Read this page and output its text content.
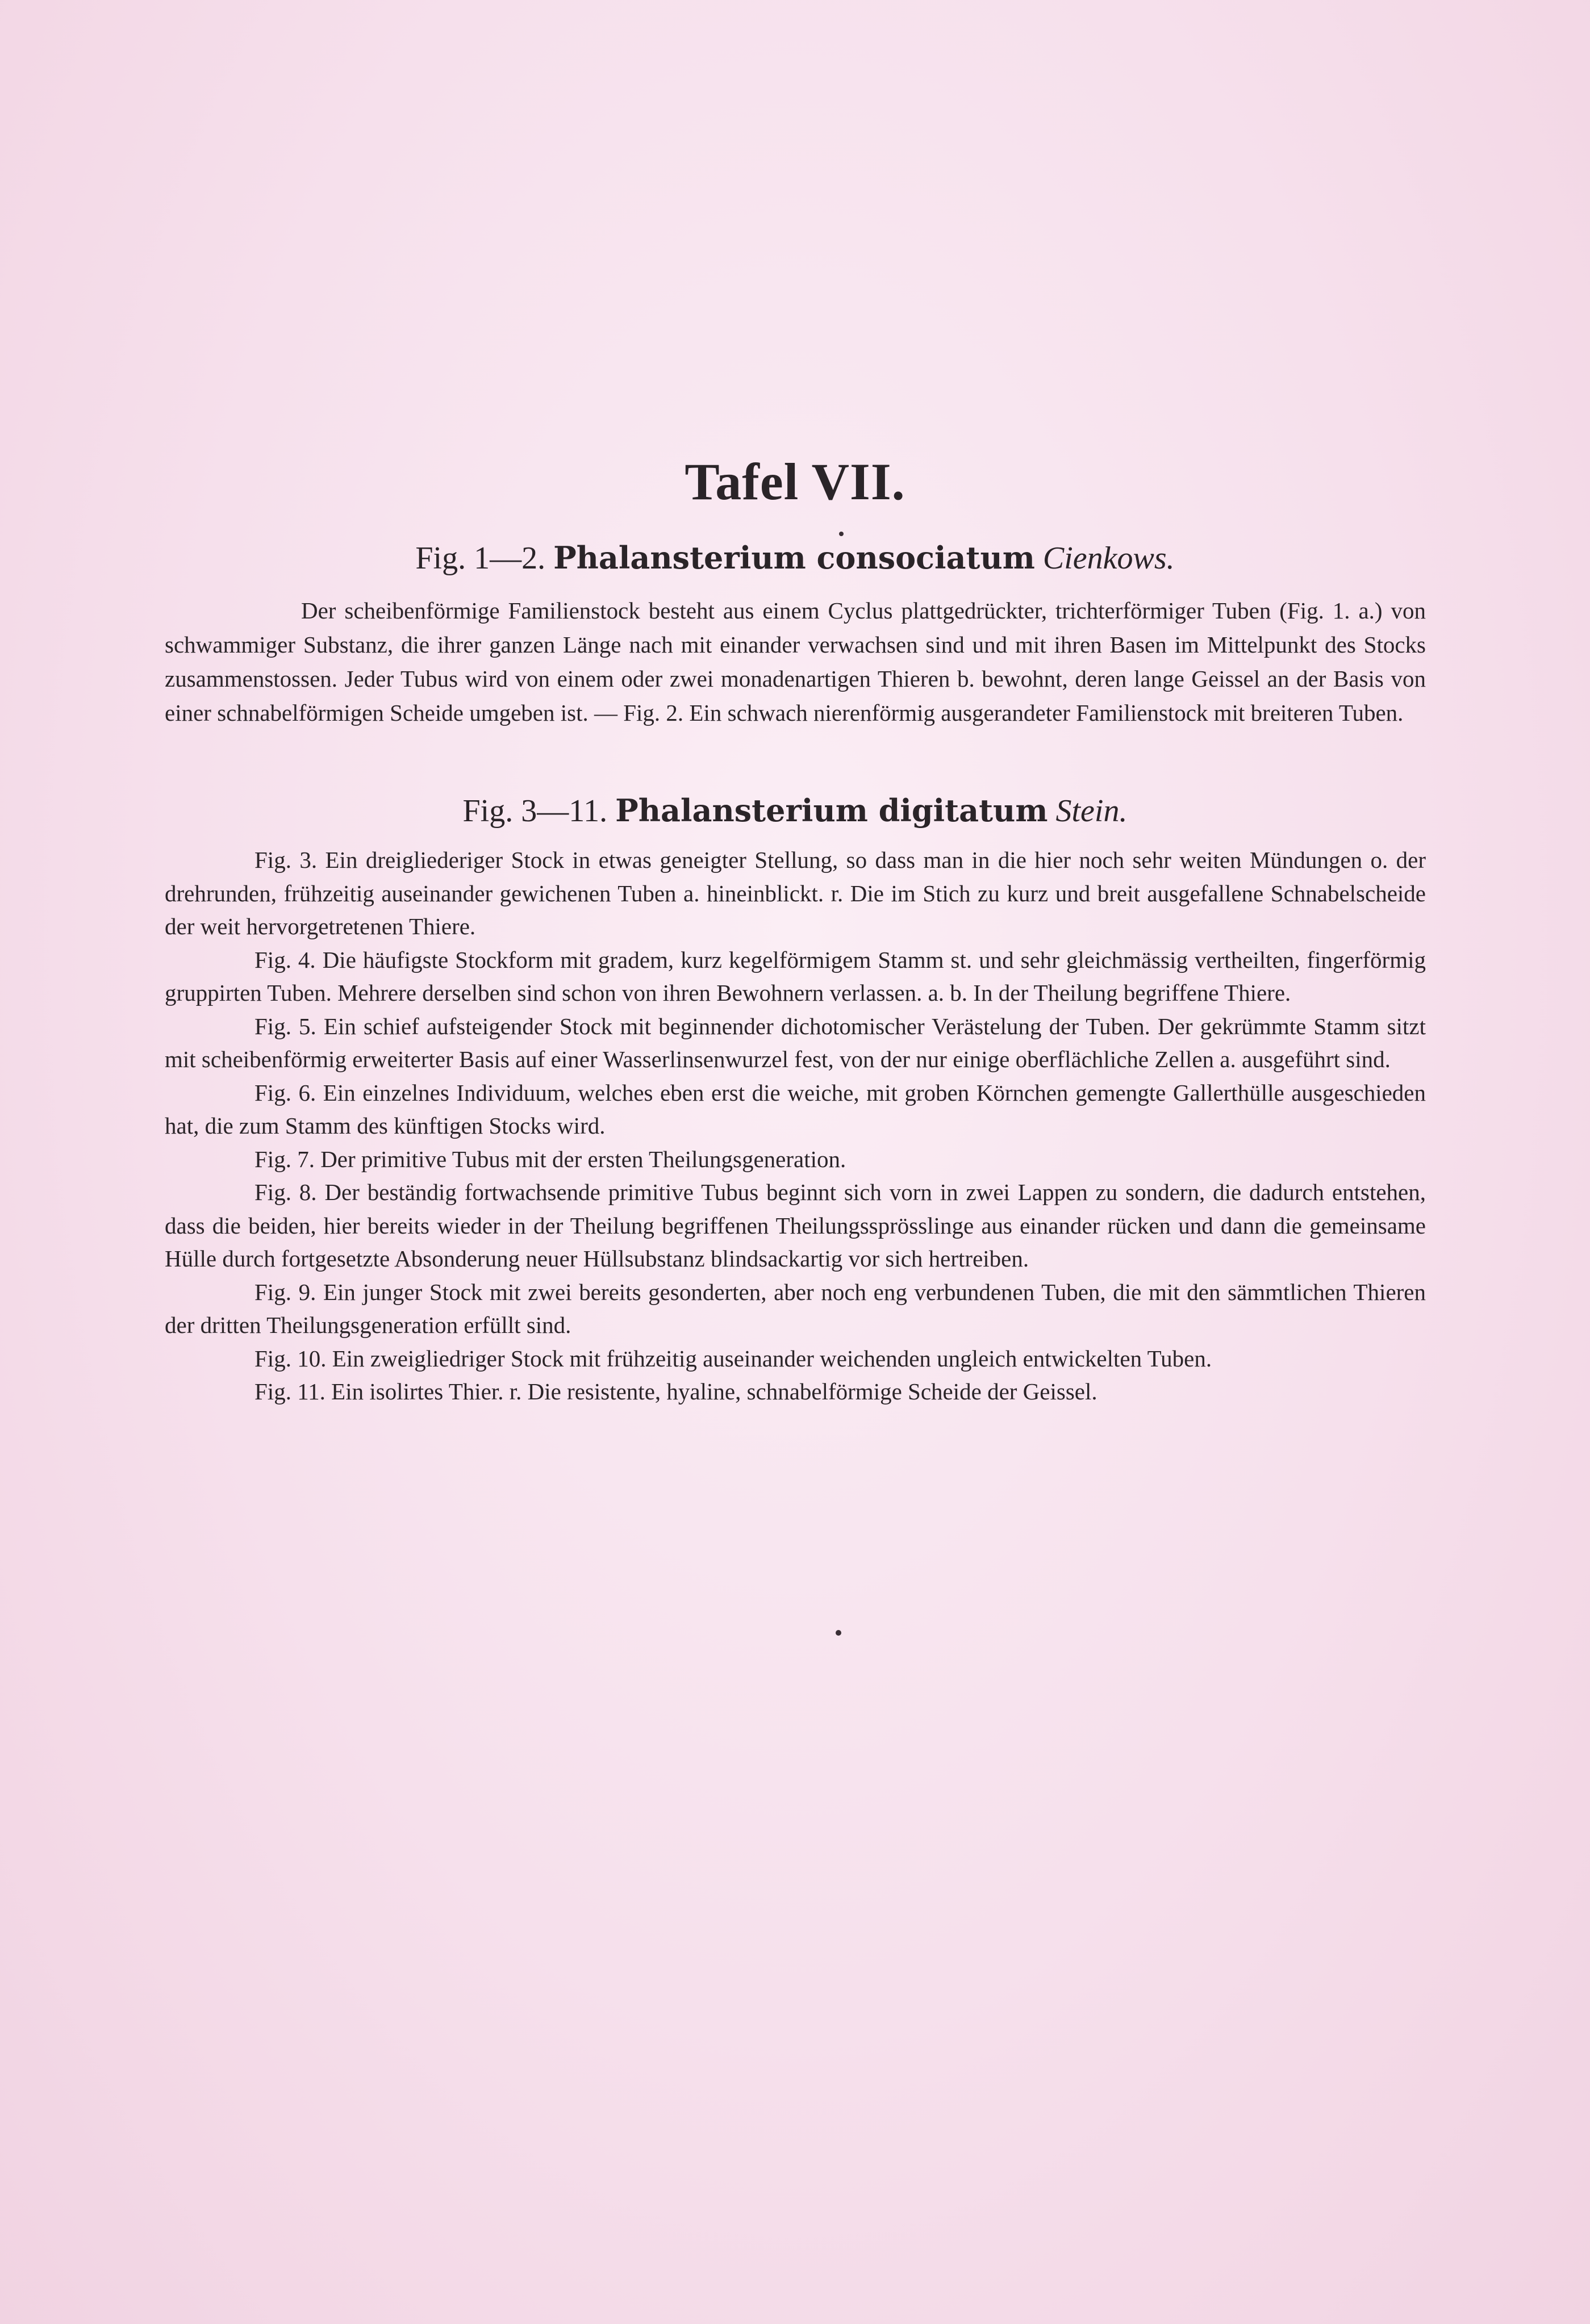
Tafel VII.
Fig. 1—2. Phalansterium consociatum Cienkows.

Der scheibenförmige Familienstock besteht aus einem Cyclus plattgedrückter, trichterförmiger Tuben (Fig. 1. a.) von schwammiger Substanz, die ihrer ganzen Länge nach mit einander verwachsen sind und mit ihren Basen im Mittelpunkt des Stocks zusammenstossen. Jeder Tubus wird von einem oder zwei monadenartigen Thieren b. bewohnt, deren lange Geissel an der Basis von einer schnabelförmigen Scheide umgeben ist. — Fig. 2. Ein schwach nierenförmig ausgerandeter Familienstock mit breiteren Tuben.

Fig. 3—11. Phalansterium digitatum Stein.

Fig. 3. Ein dreigliederiger Stock in etwas geneigter Stellung, so dass man in die hier noch sehr weiten Mündungen o. der drehrunden, frühzeitig auseinander gewichenen Tuben a. hineinblickt. r. Die im Stich zu kurz und breit ausgefallene Schnabelscheide der weit hervorgetretenen Thiere.

Fig. 4. Die häufigste Stockform mit gradem, kurz kegelförmigem Stamm st. und sehr gleichmässig vertheilten, fingerförmig gruppirten Tuben. Mehrere derselben sind schon von ihren Bewohnern verlassen. a. b. In der Theilung begriffene Thiere.

Fig. 5. Ein schief aufsteigender Stock mit beginnender dichotomischer Verästelung der Tuben. Der gekrümmte Stamm sitzt mit scheibenförmig erweiterter Basis auf einer Wasserlinsenwurzel fest, von der nur einige oberflächliche Zellen a. ausgeführt sind.

Fig. 6. Ein einzelnes Individuum, welches eben erst die weiche, mit groben Körnchen gemengte Gallerthülle ausgeschieden hat, die zum Stamm des künftigen Stocks wird.

Fig. 7. Der primitive Tubus mit der ersten Theilungsgeneration.

Fig. 8. Der beständig fortwachsende primitive Tubus beginnt sich vorn in zwei Lappen zu sondern, die dadurch entstehen, dass die beiden, hier bereits wieder in der Theilung begriffenen Theilungssprösslinge aus einander rücken und dann die gemeinsame Hülle durch fortgesetzte Absonderung neuer Hüllsubstanz blindsackartig vor sich hertreiben.

Fig. 9. Ein junger Stock mit zwei bereits gesonderten, aber noch eng verbundenen Tuben, die mit den sämmtlichen Thieren der dritten Theilungsgeneration erfüllt sind.

Fig. 10. Ein zweigliedriger Stock mit frühzeitig auseinander weichenden ungleich entwickelten Tuben.

Fig. 11. Ein isolirtes Thier. r. Die resistente, hyaline, schnabelförmige Scheide der Geissel.
